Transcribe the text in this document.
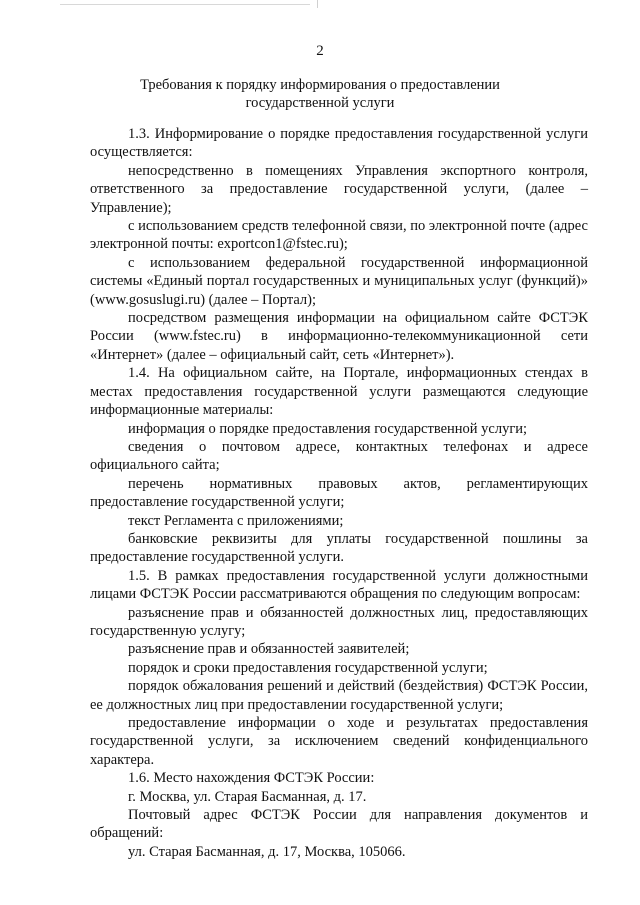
2
Требования к порядку информирования о предоставлении
государственной услуги

1.3. Информирование о порядке предоставления государственной услуги осуществляется:

непосредственно в помещениях Управления экспортного контроля, ответственного за предоставление государственной услуги, (далее – Управление);

с использованием средств телефонной связи, по электронной почте (адрес электронной почты: exportcon1@fstec.ru);

с использованием федеральной государственной информационной системы «Единый портал государственных и муниципальных услуг (функций)» (www.gosuslugi.ru) (далее – Портал);

посредством размещения информации на официальном сайте ФСТЭК России (www.fstec.ru) в информационно-телекоммуникационной сети «Интернет» (далее – официальный сайт, сеть «Интернет»).

1.4. На официальном сайте, на Портале, информационных стендах в местах предоставления государственной услуги размещаются следующие информационные материалы:

информация о порядке предоставления государственной услуги;

сведения о почтовом адресе, контактных телефонах и адресе официального сайта;

перечень нормативных правовых актов, регламентирующих предоставление государственной услуги;

текст Регламента с приложениями;

банковские реквизиты для уплаты государственной пошлины за предоставление государственной услуги.

1.5. В рамках предоставления государственной услуги должностными лицами ФСТЭК России рассматриваются обращения по следующим вопросам:

разъяснение прав и обязанностей должностных лиц, предоставляющих государственную услугу;

разъяснение прав и обязанностей заявителей;

порядок и сроки предоставления государственной услуги;

порядок обжалования решений и действий (бездействия) ФСТЭК России, ее должностных лиц при предоставлении государственной услуги;

предоставление информации о ходе и результатах предоставления государственной услуги, за исключением сведений конфиденциального характера.

1.6. Место нахождения ФСТЭК России:

г. Москва, ул. Старая Басманная, д. 17.

Почтовый адрес ФСТЭК России для направления документов и обращений:

ул. Старая Басманная, д. 17, Москва, 105066.
